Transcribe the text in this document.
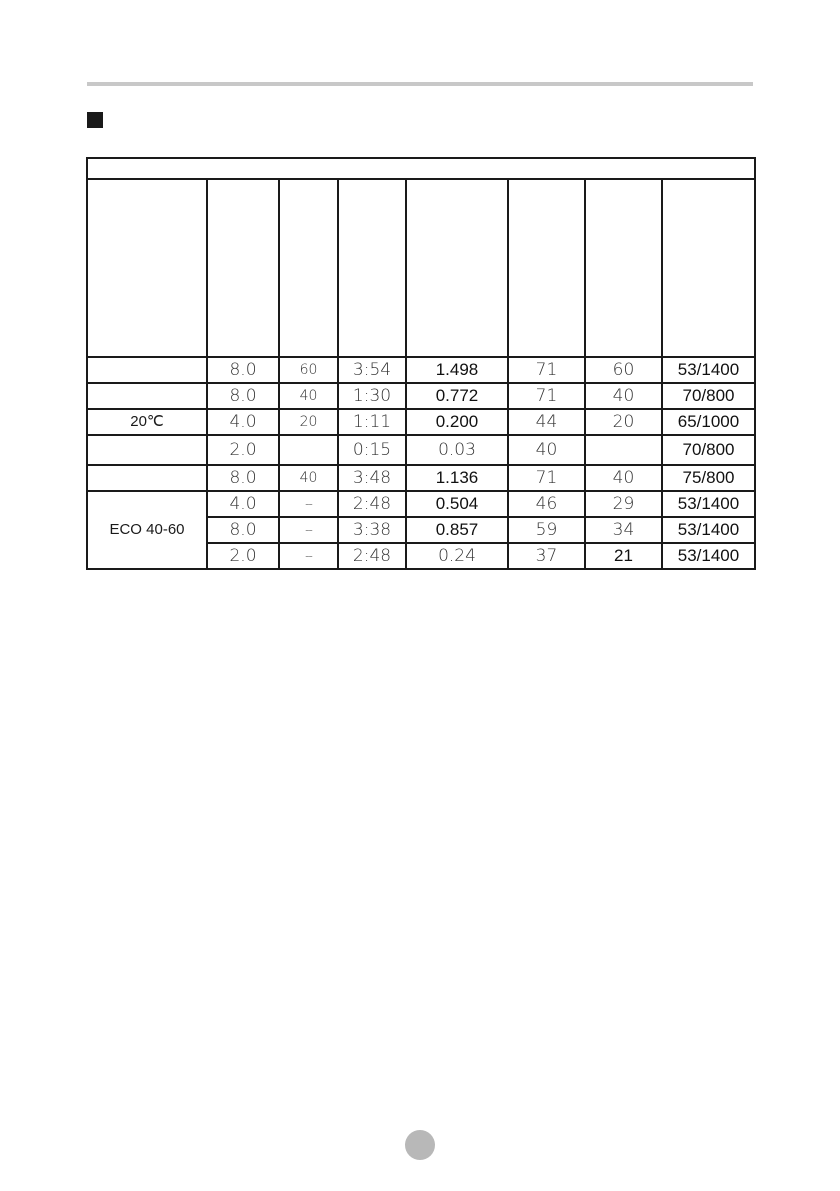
	8.0	60	3:54	1.498	71	60	53/1400
	8.0	40	1:30	0.772	71	40	70/800
20℃	4.0	20	1:11	0.200	44	20	65/1000
	2.0		0:15	0.03	40		70/800
	8.0	40	3:48	1.136	71	40	75/800
ECO 40-60	4.0	--	2:48	0.504	46	29	53/1400
	8.0	--	3:38	0.857	59	34	53/1400
	2.0	--	2:48	0.24	37	21	53/1400
